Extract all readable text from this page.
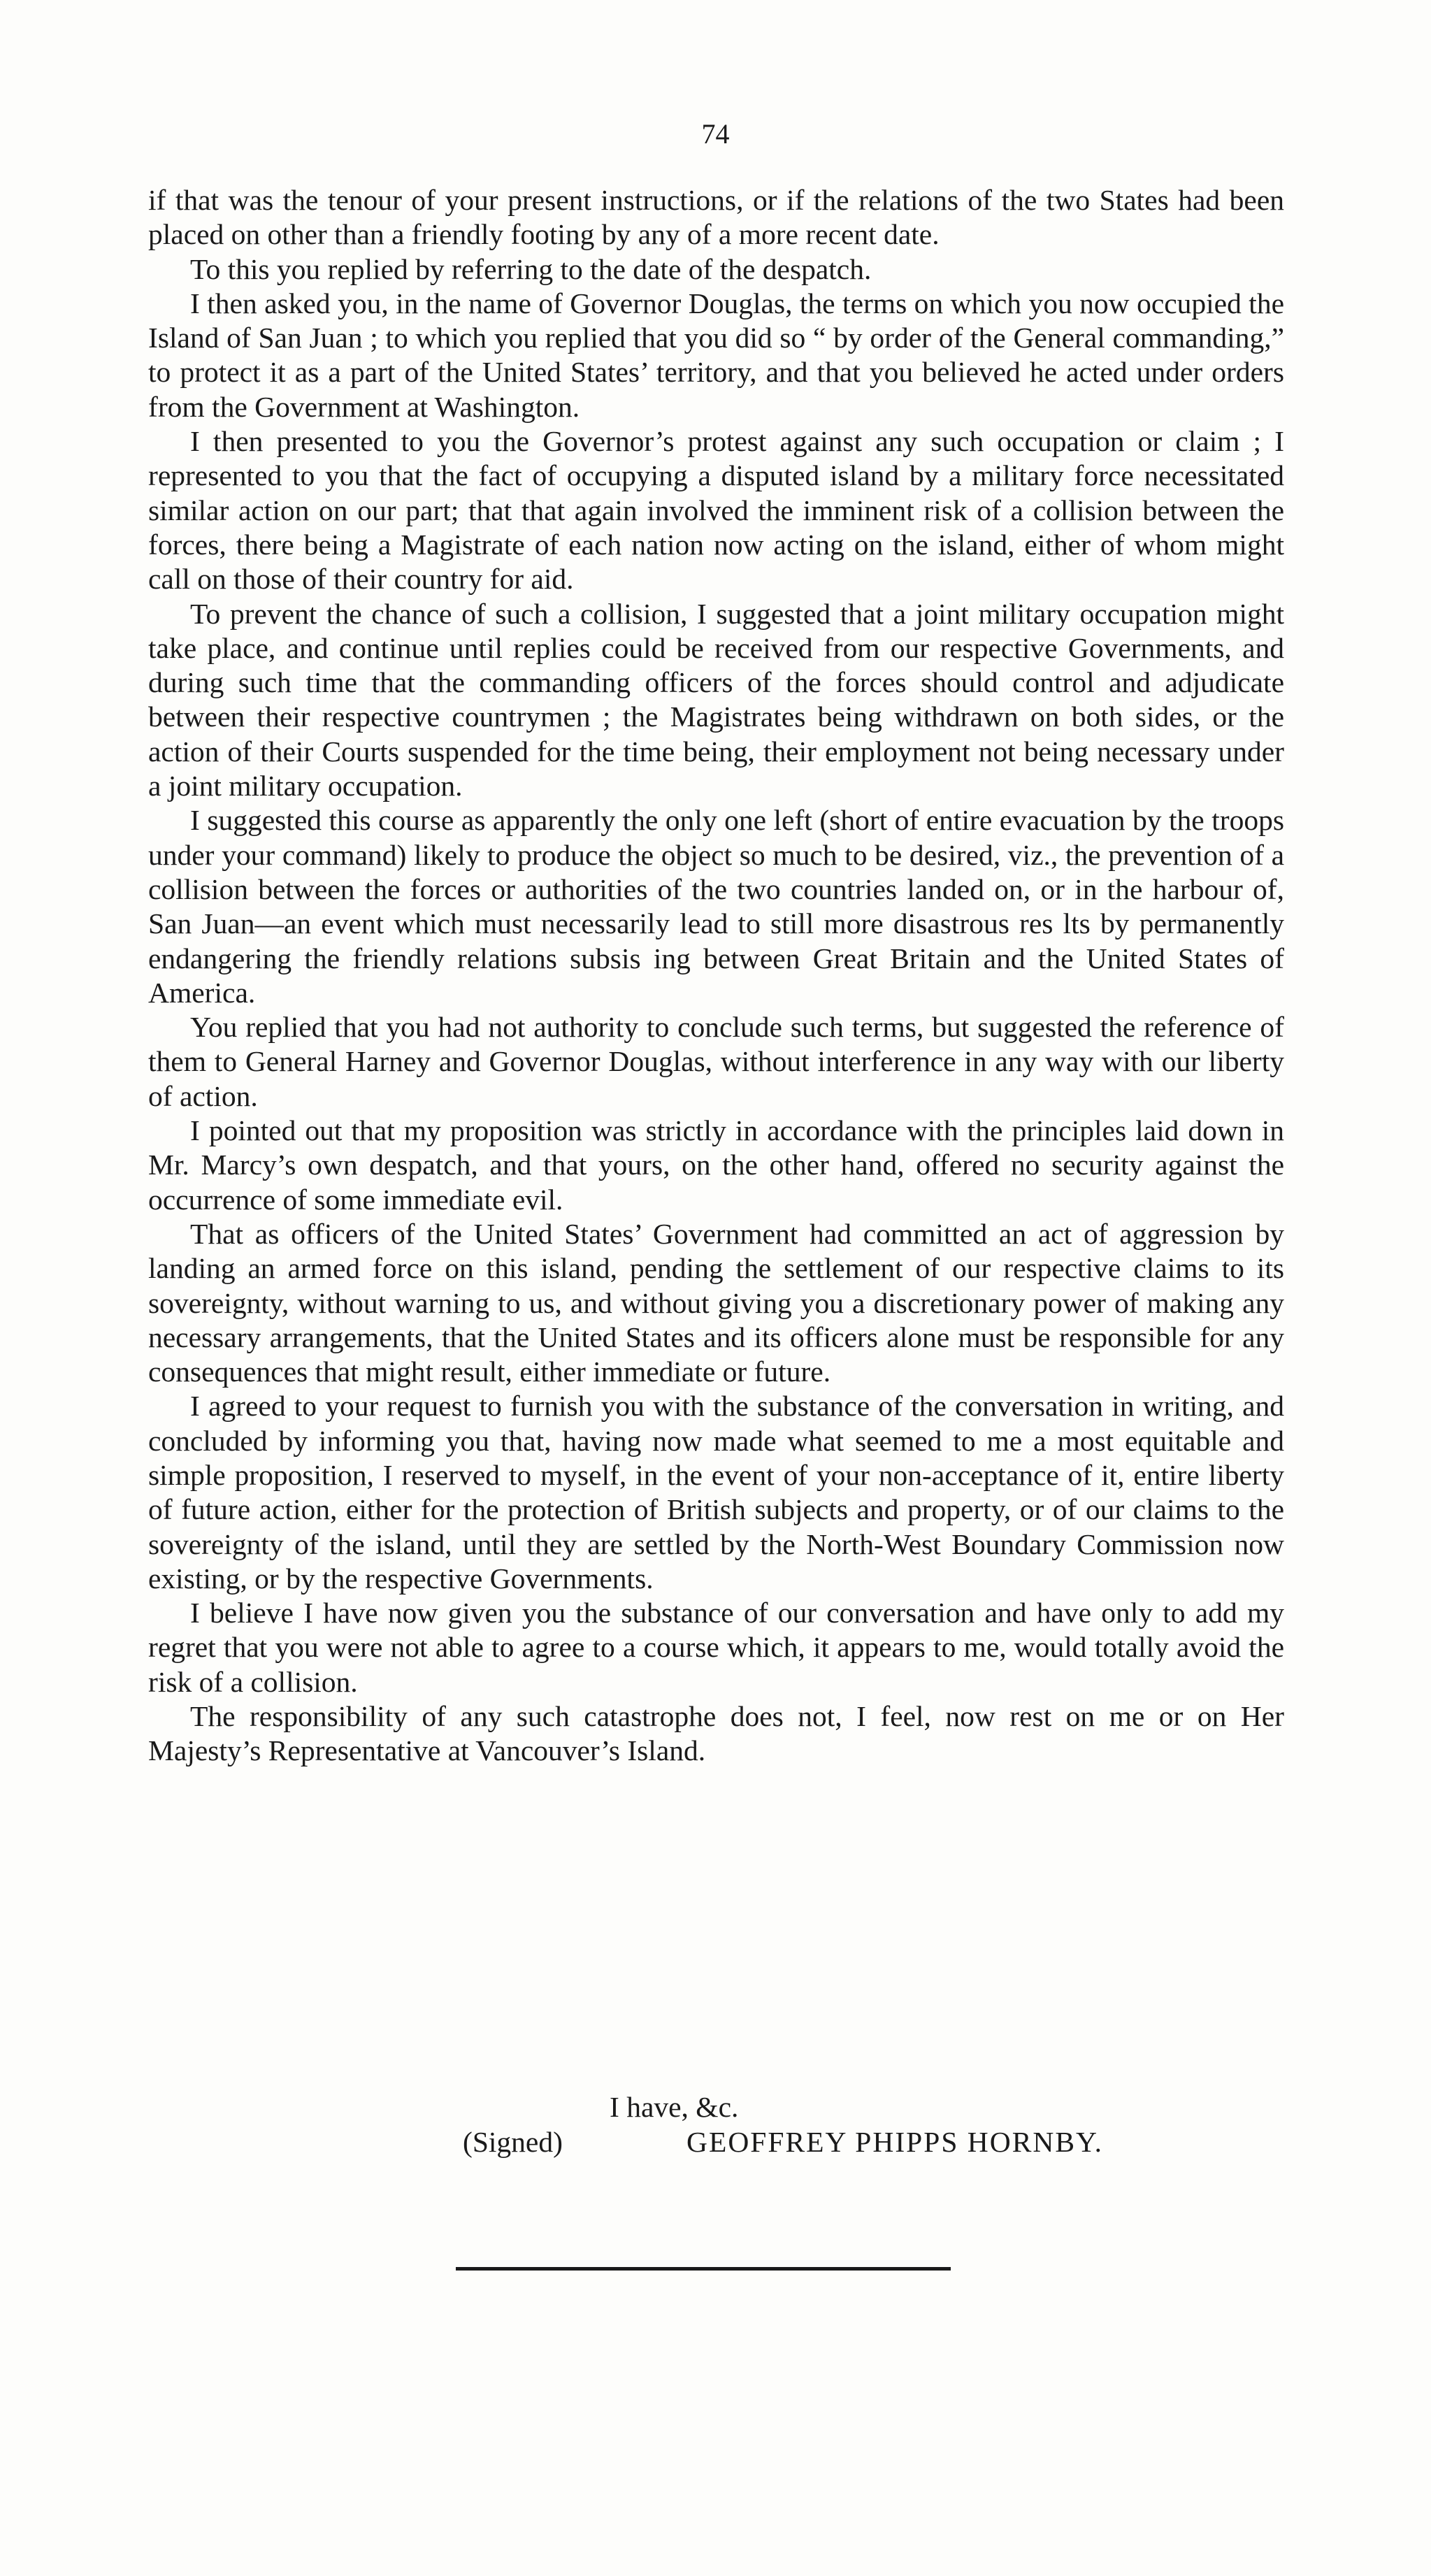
74

if that was the tenour of your present instructions, or if the relations of the two States had been placed on other than a friendly footing by any of a more recent date.

To this you replied by referring to the date of the despatch.

I then asked you, in the name of Governor Douglas, the terms on which you now occupied the Island of San Juan ; to which you replied that you did so “ by order of the General commanding,” to protect it as a part of the United States’ territory, and that you believed he acted under orders from the Government at Washington.

I then presented to you the Governor’s protest against any such occupation or claim ; I represented to you that the fact of occupying a disputed island by a military force necessitated similar action on our part; that that again involved the imminent risk of a collision between the forces, there being a Magistrate of each nation now acting on the island, either of whom might call on those of their country for aid.

To prevent the chance of such a collision, I suggested that a joint military occupation might take place, and continue until replies could be received from our respective Governments, and during such time that the commanding officers of the forces should control and adjudicate between their respective countrymen ; the Magistrates being withdrawn on both sides, or the action of their Courts suspended for the time being, their employment not being necessary under a joint military occupation.

I suggested this course as apparently the only one left (short of entire evacuation by the troops under your command) likely to produce the object so much to be desired, viz., the prevention of a collision between the forces or authorities of the two countries landed on, or in the harbour of, San Juan—an event which must necessarily lead to still more disastrous res lts by permanently endangering the friendly relations subsis ing between Great Britain and the United States of America.

You replied that you had not authority to conclude such terms, but suggested the reference of them to General Harney and Governor Douglas, without interference in any way with our liberty of action.

I pointed out that my proposition was strictly in accordance with the principles laid down in Mr. Marcy’s own despatch, and that yours, on the other hand, offered no security against the occurrence of some immediate evil.

That as officers of the United States’ Government had committed an act of aggression by landing an armed force on this island, pending the settlement of our respective claims to its sovereignty, without warning to us, and without giving you a discretionary power of making any necessary arrangements, that the United States and its officers alone must be responsible for any consequences that might result, either immediate or future.

I agreed to your request to furnish you with the substance of the conversation in writing, and concluded by informing you that, having now made what seemed to me a most equitable and simple proposition, I reserved to myself, in the event of your non-acceptance of it, entire liberty of future action, either for the protection of British subjects and property, or of our claims to the sovereignty of the island, until they are settled by the North-West Boundary Commission now existing, or by the respective Governments.

I believe I have now given you the substance of our conversation and have only to add my regret that you were not able to agree to a course which, it appears to me, would totally avoid the risk of a collision.

The responsibility of any such catastrophe does not, I feel, now rest on me or on Her Majesty’s Representative at Vancouver’s Island.

I have, &c.
(Signed)	GEOFFREY PHIPPS HORNBY.
